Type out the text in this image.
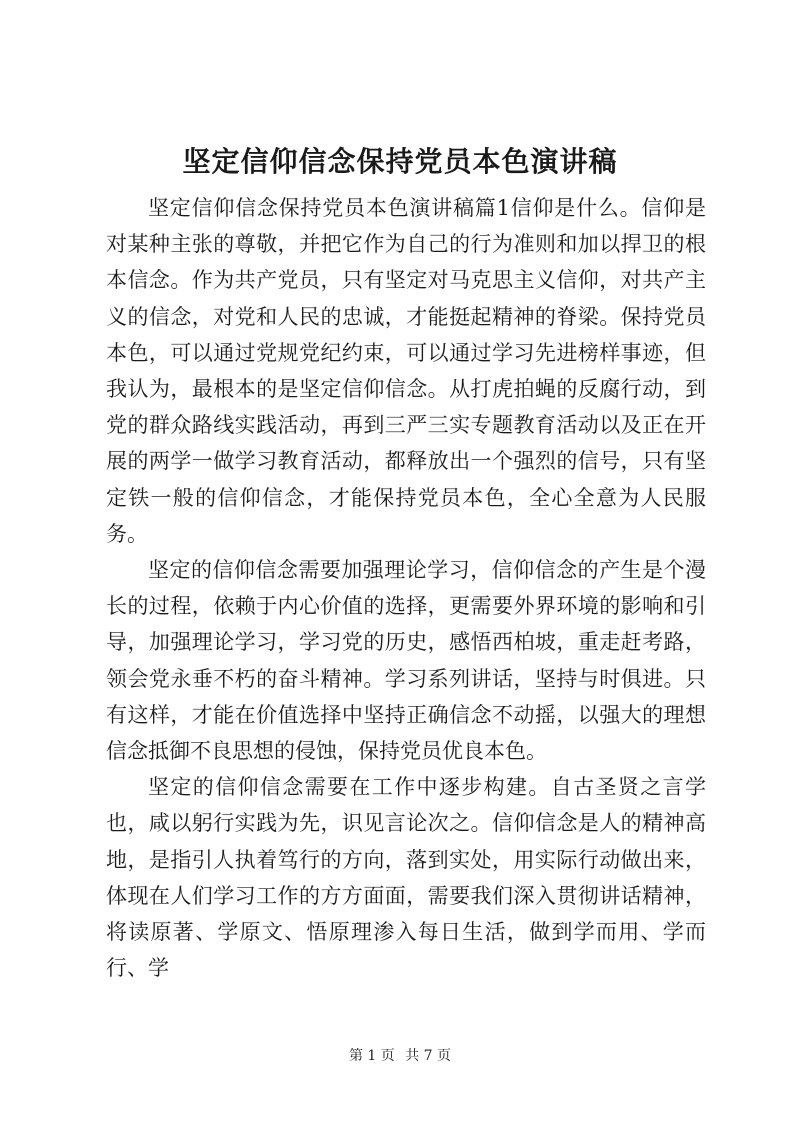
坚定信仰信念保持党员本色演讲稿

坚定信仰信念保持党员本色演讲稿篇1信仰是什么。信仰是对某种主张的尊敬，并把它作为自己的行为准则和加以捍卫的根本信念。作为共产党员，只有坚定对马克思主义信仰，对共产主义的信念，对党和人民的忠诚，才能挺起精神的脊梁。保持党员本色，可以通过党规党纪约束，可以通过学习先进榜样事迹，但我认为，最根本的是坚定信仰信念。从打虎拍蝇的反腐行动，到党的群众路线实践活动，再到三严三实专题教育活动以及正在开展的两学一做学习教育活动，都释放出一个强烈的信号，只有坚定铁一般的信仰信念，才能保持党员本色，全心全意为人民服务。

坚定的信仰信念需要加强理论学习，信仰信念的产生是个漫长的过程，依赖于内心价值的选择，更需要外界环境的影响和引导，加强理论学习，学习党的历史，感悟西柏坡，重走赶考路，领会党永垂不朽的奋斗精神。学习系列讲话，坚持与时俱进。只有这样，才能在价值选择中坚持正确信念不动摇，以强大的理想信念抵御不良思想的侵蚀，保持党员优良本色。

坚定的信仰信念需要在工作中逐步构建。自古圣贤之言学也，咸以躬行实践为先，识见言论次之。信仰信念是人的精神高地，是指引人执着笃行的方向，落到实处，用实际行动做出来，体现在人们学习工作的方方面面，需要我们深入贯彻讲话精神，将读原著、学原文、悟原理渗入每日生活，做到学而用、学而行、学

第 1 页 共 7 页
